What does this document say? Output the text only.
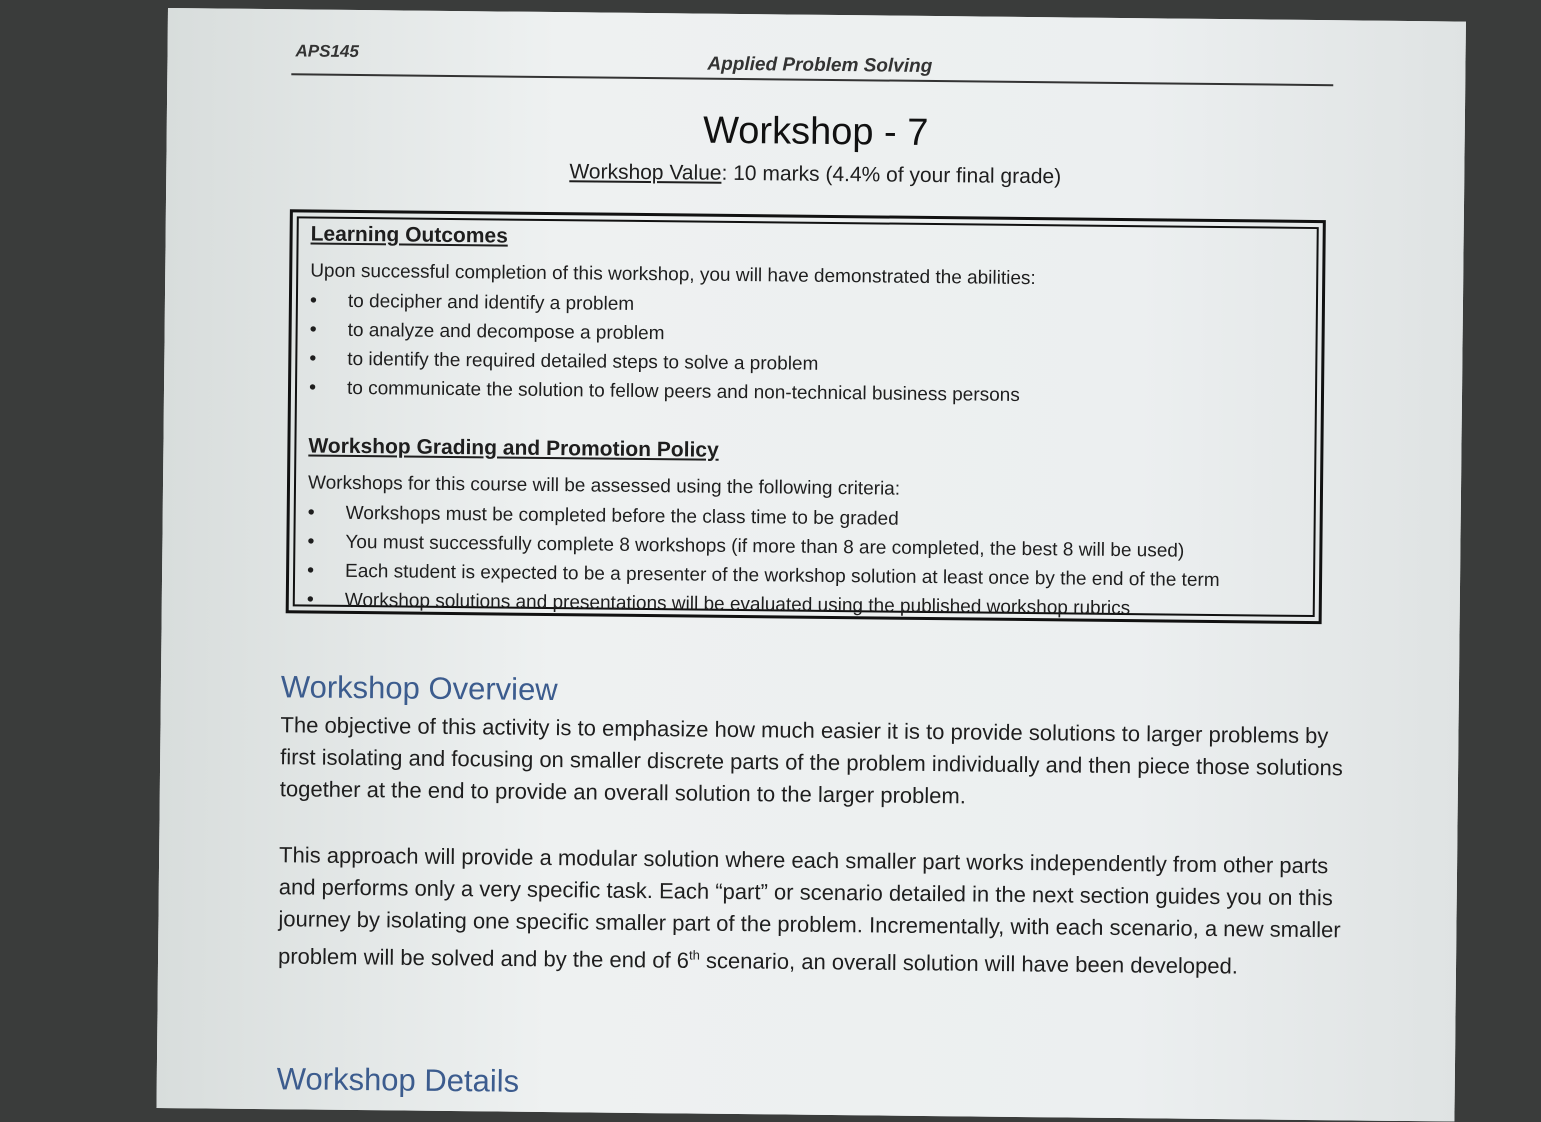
APS145
Applied Problem Solving
Workshop - 7
Workshop Value: 10 marks (4.4% of your final grade)
Learning Outcomes
Upon successful completion of this workshop, you will have demonstrated the abilities:
• to decipher and identify a problem
• to analyze and decompose a problem
• to identify the required detailed steps to solve a problem
• to communicate the solution to fellow peers and non-technical business persons
Workshop Grading and Promotion Policy
Workshops for this course will be assessed using the following criteria:
• Workshops must be completed before the class time to be graded
• You must successfully complete 8 workshops (if more than 8 are completed, the best 8 will be used)
• Each student is expected to be a presenter of the workshop solution at least once by the end of the term
• Workshop solutions and presentations will be evaluated using the published workshop rubrics
Workshop Overview
The objective of this activity is to emphasize how much easier it is to provide solutions to larger problems by first isolating and focusing on smaller discrete parts of the problem individually and then piece those solutions together at the end to provide an overall solution to the larger problem.
This approach will provide a modular solution where each smaller part works independently from other parts and performs only a very specific task. Each “part” or scenario detailed in the next section guides you on this journey by isolating one specific smaller part of the problem. Incrementally, with each scenario, a new smaller problem will be solved and by the end of 6th scenario, an overall solution will have been developed.
Workshop Details
